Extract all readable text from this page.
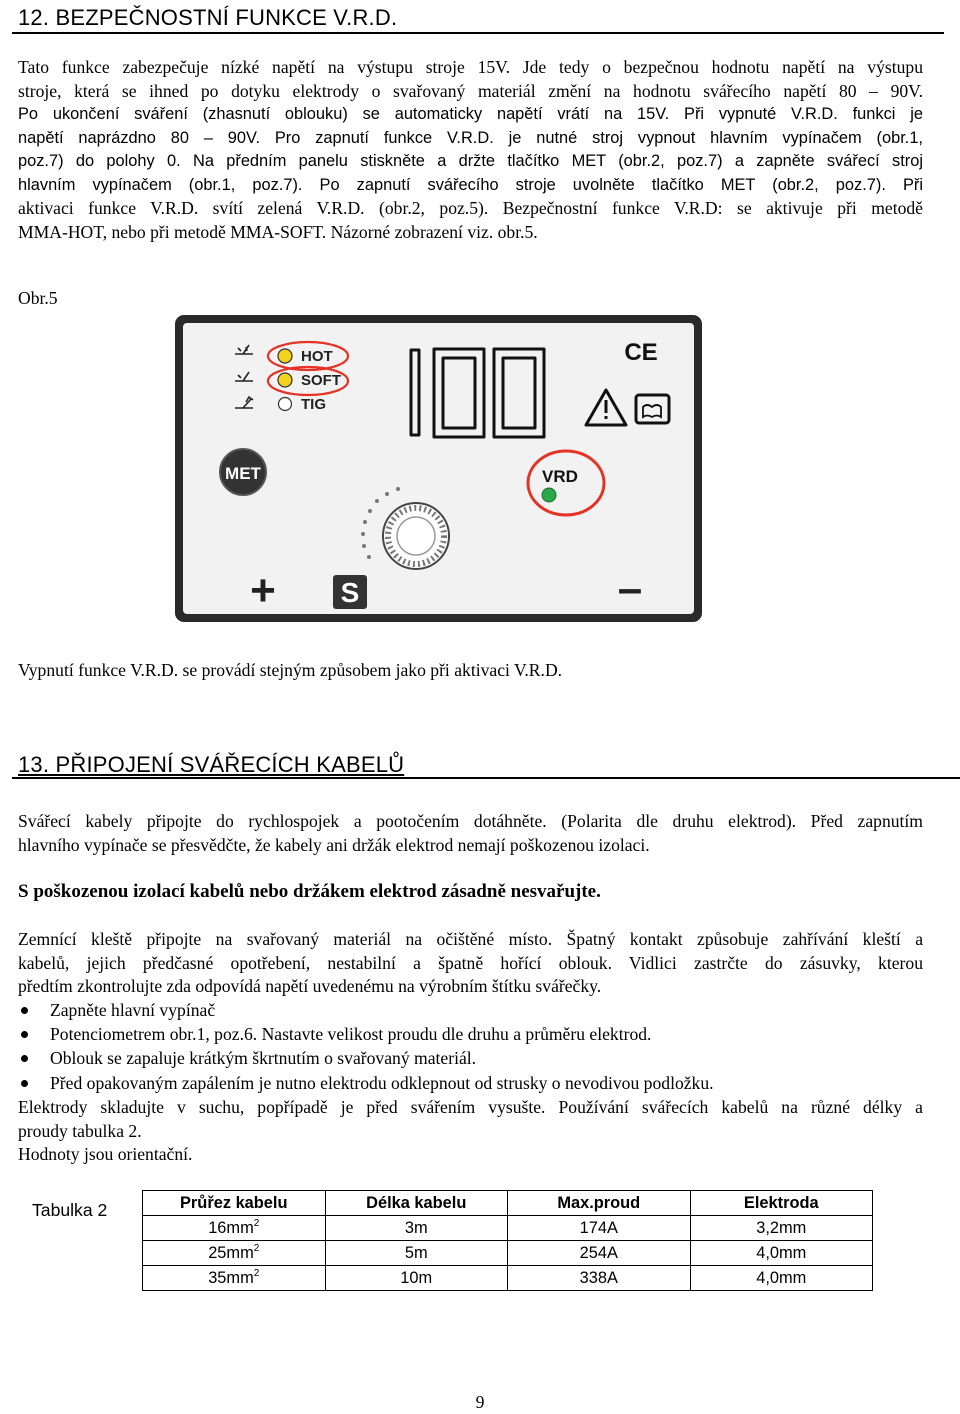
12. BEZPEČNOSTNÍ FUNKCE V.R.D.
Tato funkce zabezpečuje nízké napětí na výstupu stroje 15V. Jde tedy o bezpečnou hodnotu napětí na výstupu
stroje, která se ihned po dotyku elektrody o svařovaný materiál změní na hodnotu svářecího napětí 80 – 90V.
Po ukončení sváření (zhasnutí oblouku) se automaticky napětí vrátí na 15V. Při vypnuté V.R.D. funkci je
napětí naprázdno 80 – 90V. Pro zapnutí funkce V.R.D. je nutné stroj vypnout hlavním vypínačem (obr.1,
poz.7) do polohy 0. Na předním panelu stiskněte a držte tlačítko MET (obr.2, poz.7) a zapněte svářecí stroj
hlavním vypínačem (obr.1, poz.7). Po zapnutí svářecího stroje uvolněte tlačítko MET (obr.2, poz.7). Při
aktivaci funkce V.R.D. svítí zelená V.R.D. (obr.2, poz.5). Bezpečnostní funkce V.R.D: se aktivuje při metodě
MMA-HOT, nebo při metodě MMA-SOFT. Názorné zobrazení viz. obr.5.
Obr.5
HOT
SOFT
TIG
CE
MET	VRD
+ S	–
Vypnutí funkce V.R.D. se provádí stejným způsobem jako při aktivaci V.R.D.
13. PŘIPOJENÍ SVÁŘECÍCH KABELŮ
Svářecí kabely připojte do rychlospojek a pootočením dotáhněte. (Polarita dle druhu elektrod). Před zapnutím
hlavního vypínače se přesvědčte, že kabely ani držák elektrod nemají poškozenou izolaci.
S poškozenou izolací kabelů nebo držákem elektrod zásadně nesvařujte.
Zemnící kleště připojte na svařovaný materiál na očištěné místo. Špatný kontakt způsobuje zahřívání kleští a
kabelů, jejich předčasné opotřebení, nestabilní a špatně hořící oblouk. Vidlici zastrčte do zásuvky, kterou
předtím zkontrolujte zda odpovídá napětí uvedenému na výrobním štítku svářečky.
Zapněte hlavní vypínač
Potenciometrem obr.1, poz.6. Nastavte velikost proudu dle druhu a průměru elektrod.
Oblouk se zapaluje krátkým škrtnutím o svařovaný materiál.
Před opakovaným zapálením je nutno elektrodu odklepnout od strusky o nevodivou podložku.
Elektrody skladujte v suchu, popřípadě je před svářením vysušte. Používání svářecích kabelů na různé délky a
proudy tabulka 2.
Hodnoty jsou orientační.
Tabulka 2	Průřez kabelu	Délka kabelu	Max.proud	Elektroda
$16mm^2$	3m	174A	3,2mm
$25mm^2$	5m	254A	4,0mm
$35mm^2$	10m	338A	4,0mm
9
